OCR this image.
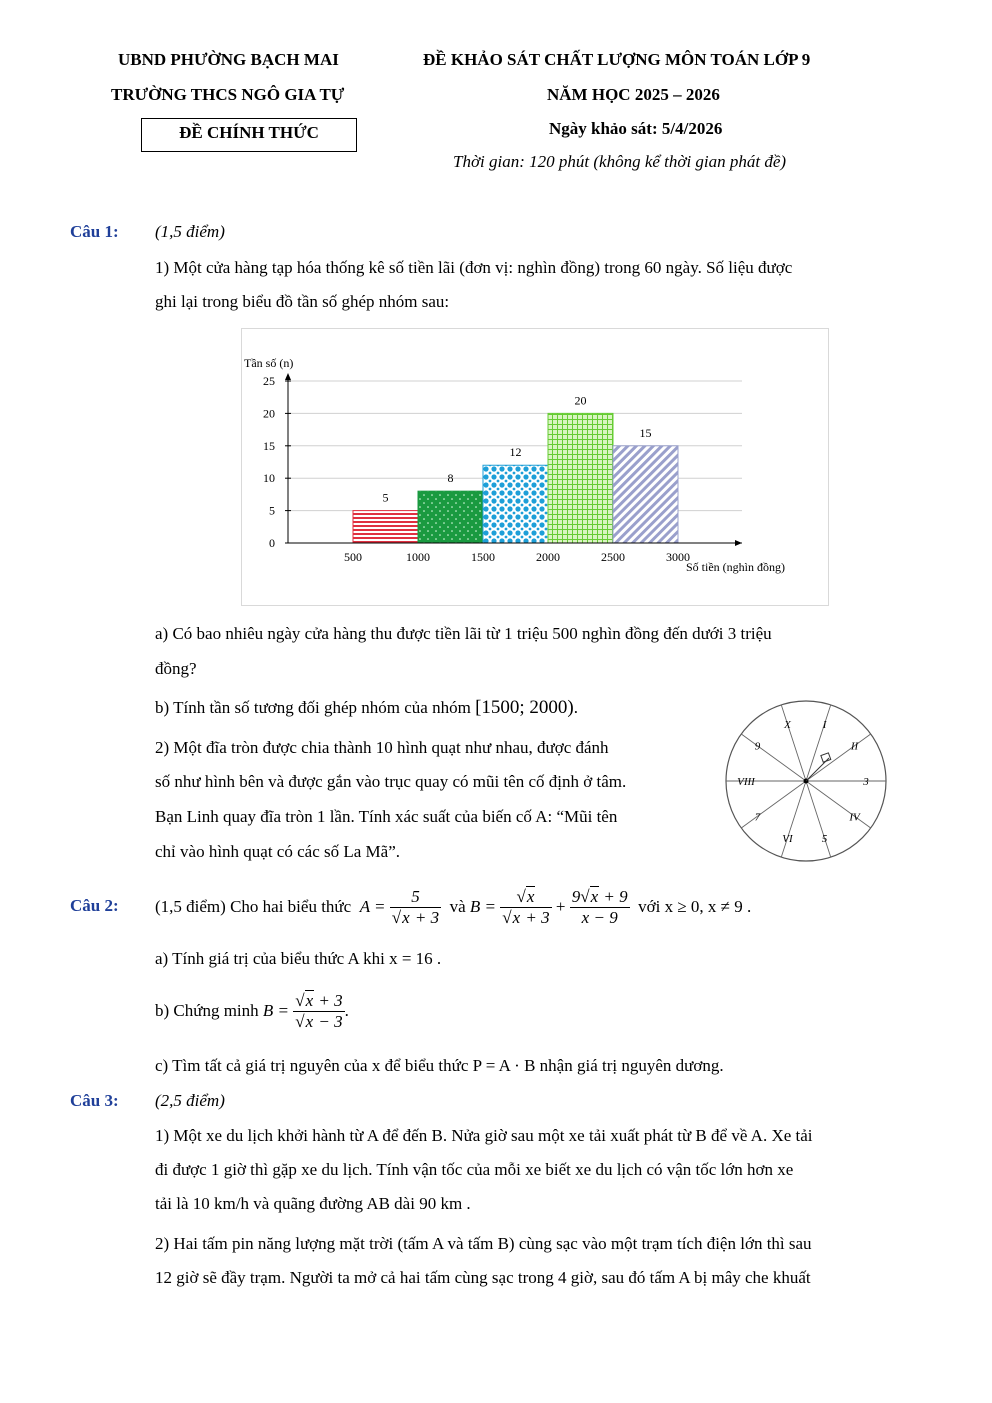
UBND PHƯỜNG BẠCH MAI
TRƯỜNG THCS NGÔ GIA TỰ
ĐỀ CHÍNH THỨC
ĐỀ KHẢO SÁT CHẤT LƯỢNG MÔN TOÁN LỚP 9
NĂM HỌC 2025 – 2026
Ngày khảo sát: 5/4/2026
Thời gian: 120 phút (không kể thời gian phát đề)
Câu 1: (1,5 điểm)
1) Một cửa hàng tạp hóa thống kê số tiền lãi (đơn vị: nghìn đồng) trong 60 ngày. Số liệu được
ghi lại trong biểu đồ tần số ghép nhóm sau:
5
8
12
20
15
0
5
10
15
20
25
500	1000	1500	2000	2500	3000
Tần số (n)
Số tiền (nghìn đồng)
a) Có bao nhiêu ngày cửa hàng thu được tiền lãi từ 1 triệu 500 nghìn đồng đến dưới 3 triệu
đồng?
b) Tính tần số tương đối ghép nhóm của nhóm [1500; 2000).
2) Một đĩa tròn được chia thành 10 hình quạt như nhau, được đánh
số như hình bên và được gắn vào trục quay có mũi tên cố định ở tâm.
Bạn Linh quay đĩa tròn 1 lần. Tính xác suất của biến cố A: “Mũi tên
chỉ vào hình quạt có các số La Mã”.
X	I
II
3
IV
5
VI
7
VIII
9
Câu 2: (1,5 điểm) Cho hai biểu thức
A =
$\frac{5}{√x + 3}$
và
B =
$\frac{√x}{√x + 3} + \frac{9√x + 9}{x - 9}$
với x ≥ 0, x ≠ 9 .
a) Tính giá trị của biểu thức A khi x = 16 .
b) Chứng minh
B =
$\frac{√x + 3}{√x - 3}$ .
c) Tìm tất cả giá trị nguyên của x để biểu thức P = A · B nhận giá trị nguyên dương.
Câu 3: (2,5 điểm)
1) Một xe du lịch khởi hành từ A để đến B. Nửa giờ sau một xe tải xuất phát từ B để về A. Xe tải
đi được 1 giờ thì gặp xe du lịch. Tính vận tốc của mỗi xe biết xe du lịch có vận tốc lớn hơn xe
tải là 10 km/h và quãng đường AB dài 90 km .
2) Hai tấm pin năng lượng mặt trời (tấm A và tấm B) cùng sạc vào một trạm tích điện lớn thì sau
12 giờ sẽ đầy trạm. Người ta mở cả hai tấm cùng sạc trong 4 giờ, sau đó tấm A bị mây che khuất
